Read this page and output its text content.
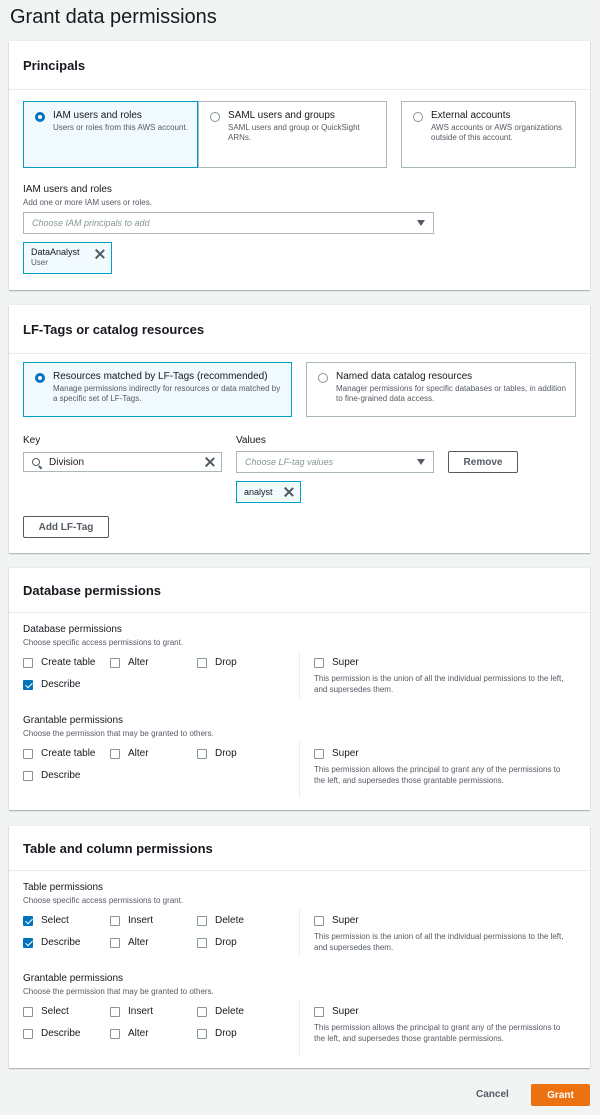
Grant data permissions
Principals
IAM users and roles
Users or roles from this AWS account.
SAML users and groups
SAML users and group or QuickSight ARNs.
External accounts
AWS accounts or AWS organizations outside of this account.
IAM users and roles
Add one or more IAM users or roles.
Choose IAM principals to add
DataAnalyst
User
LF-Tags or catalog resources
Resources matched by LF-Tags (recommended)
Manage permissions indirectly for resources or data matched by a specific set of LF-Tags.
Named data catalog resources
Manager permissions for specific databases or tables, in addition to fine-grained data access.
Key	Values
Division	Choose LF-tag values	Remove
analyst
Add LF-Tag
Database permissions
Database permissions
Choose specific access permissions to grant.
Create table	Alter	Drop
Describe
Super
This permission is the union of all the individual permissions to the left, and supersedes them.
Grantable permissions
Choose the permission that may be granted to others.
Create table	Alter	Drop
Describe
Super
This permission allows the principal to grant any of the permissions to the left, and supersedes those grantable permissions.
Table and column permissions
Table permissions
Choose specific access permissions to grant.
Select	Insert	Delete
Describe	Alter	Drop
Super
This permission is the union of all the individual permissions to the left, and supersedes them.
Grantable permissions
Choose the permission that may be granted to others.
Select	Insert	Delete
Describe	Alter	Drop
Super
This permission allows the principal to grant any of the permissions to the left, and supersedes those grantable permissions.
Cancel	Grant
